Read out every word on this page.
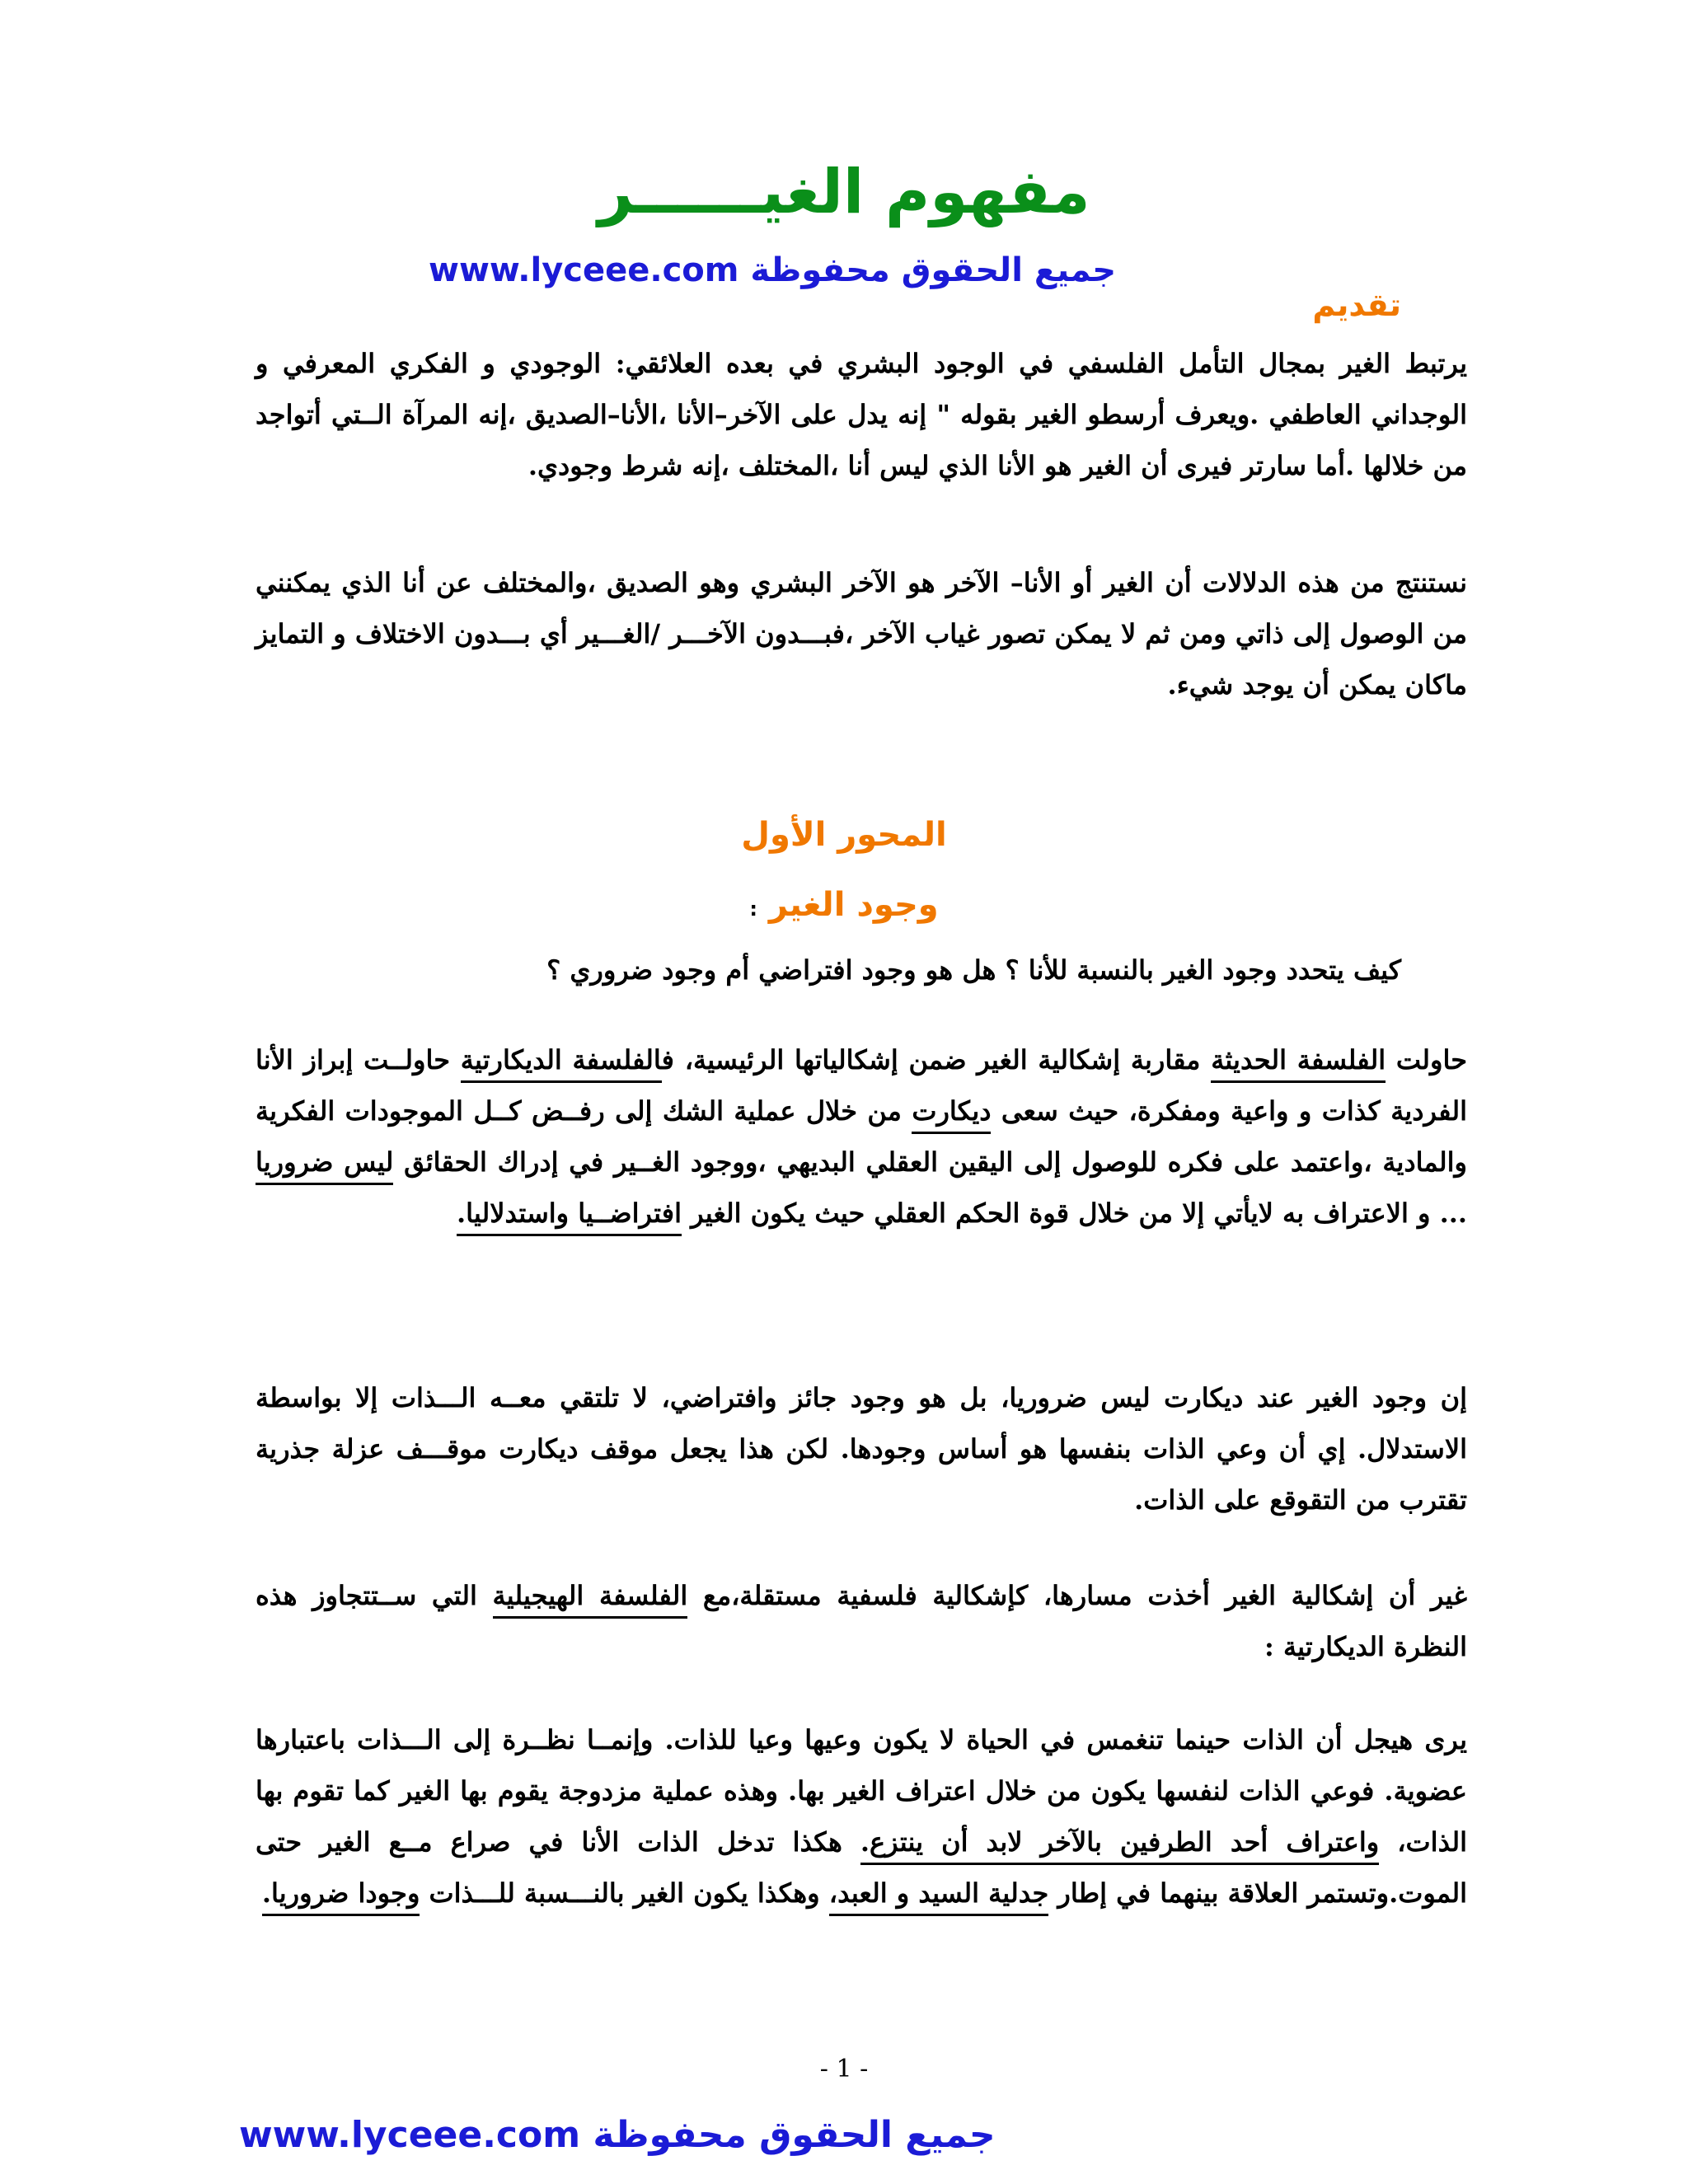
مفهوم الغيــــــر
www.lyceee.com جميع الحقوق محفوظة
تقديم

يرتبط الغير بمجال التأمل الفلسفي في الوجود البشري في بعده العلائقي: الوجودي و الفكري المعرفي و الوجداني العاطفي .ويعرف أرسطو الغير بقوله " إنه يدل على الآخر–الأنا ،الأنا–الصديق ،إنه المرآة الــتي أتواجد من خلالها .أما سارتر فيرى أن الغير هو الأنا الذي ليس أنا ،المختلف ،إنه شرط وجودي.

نستنتج من هذه الدلالات أن الغير أو الأنا– الآخر هو الآخر البشري وهو الصديق ،والمختلف عن أنا الذي يمكنني من الوصول إلى ذاتي ومن ثم لا يمكن تصور غياب الآخر ،فبـــدون الآخـــر /الغـــير أي بـــدون الاختلاف و التمايز ماكان يمكن أن يوجد شيء.

المحور الأول
وجود الغير :
كيف يتحدد وجود الغير بالنسبة للأنا ؟ هل هو وجود افتراضي أم وجود ضروري ؟

حاولت الفلسفة الحديثة مقاربة إشكالية الغير ضمن إشكالياتها الرئيسية، فالفلسفة الديكارتية حاولــت إبراز الأنا الفردية كذات و واعية ومفكرة، حيث سعى ديكارت من خلال عملية الشك إلى رفــض كــل الموجودات الفكرية والمادية ،واعتمد على فكره للوصول إلى اليقين العقلي البديهي ،ووجود الغــير في إدراك الحقائق ليس ضروريا ... و الاعتراف به لايأتي إلا من خلال قوة الحكم العقلي حيث يكون الغير افتراضــيا واستدلاليا.

إن وجود الغير عند ديكارت ليس ضروريا، بل هو وجود جائز وافتراضي، لا تلتقي معــه الـــذات إلا بواسطة الاستدلال. إي أن وعي الذات بنفسها هو أساس وجودها. لكن هذا يجعل موقف ديكارت موقـــف عزلة جذرية تقترب من التقوقع على الذات.

غير أن إشكالية الغير أخذت مسارها، كإشكالية فلسفية مستقلة،مع الفلسفة الهيجيلية التي ســتتجاوز هذه النظرة الديكارتية :

يرى هيجل أن الذات حينما تنغمس في الحياة لا يكون وعيها وعيا للذات. وإنمــا نظــرة إلى الـــذات باعتبارها عضوية. فوعي الذات لنفسها يكون من خلال اعتراف الغير بها. وهذه عملية مزدوجة يقوم بها الغير كما تقوم بها الذات، واعتراف أحد الطرفين بالآخر لابد أن ينتزع. هكذا تدخل الذات الأنا في صراع مــع الغير حتى الموت.وتستمر العلاقة بينهما في إطار جدلية السيد و العبد، وهكذا يكون الغير بالنـــسبة للـــذات وجودا ضروريا.

- 1 -
www.lyceee.com جميع الحقوق محفوظة
